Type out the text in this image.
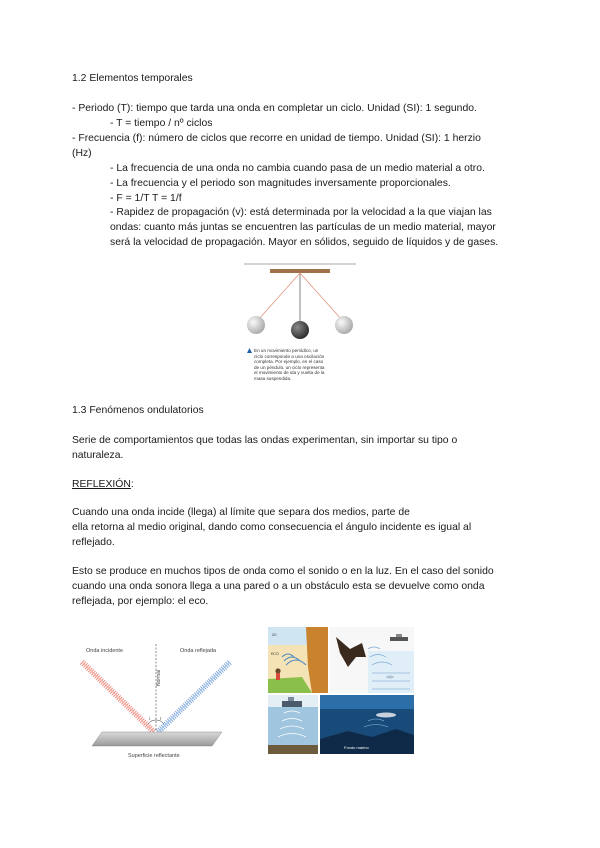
1.2 Elementos temporales
- Periodo (T): tiempo que tarda una onda en completar un ciclo. Unidad (SI): 1 segundo.
- T = tiempo / nº ciclos
- Frecuencia (f): número de ciclos que recorre en unidad de tiempo. Unidad (SI): 1 herzio
(Hz)
- La frecuencia de una onda no cambia cuando pasa de un medio material a otro.
- La frecuencia y el periodo son magnitudes inversamente proporcionales.
- F = 1/T T = 1/f
- Rapidez de propagación (v): está determinada por la velocidad a la que viajan las
ondas: cuanto más juntas se encuentren las partículas de un medio material, mayor
será la velocidad de propagación. Mayor en sólidos, seguido de líquidos y de gases.
En un movimiento periódico, un
ciclo corresponde a una oscilación
completa. Por ejemplo, en el caso
de un péndulo, un ciclo representa
el movimiento de ida y vuelta de la
masa suspendida.
1.3 Fenómenos ondulatorios
Serie de comportamientos que todas las ondas experimentan, sin importar su tipo o
naturaleza.
REFLEXIÓN:
Cuando una onda incide (llega) al límite que separa dos medios, parte de
ella retorna al medio original, dando como consecuencia el ángulo incidente es igual al
reflejado.
Esto se produce en muchos tipos de onda como el sonido o en la luz. En el caso del sonido
cuando una onda sonora llega a una pared o a un obstáculo esta se devuelve como onda
reflejada, por ejemplo: el eco.
Onda incidente	Onda reflejada
Normal
i r
Superficie reflectante
20
ECO
Fondo marino
